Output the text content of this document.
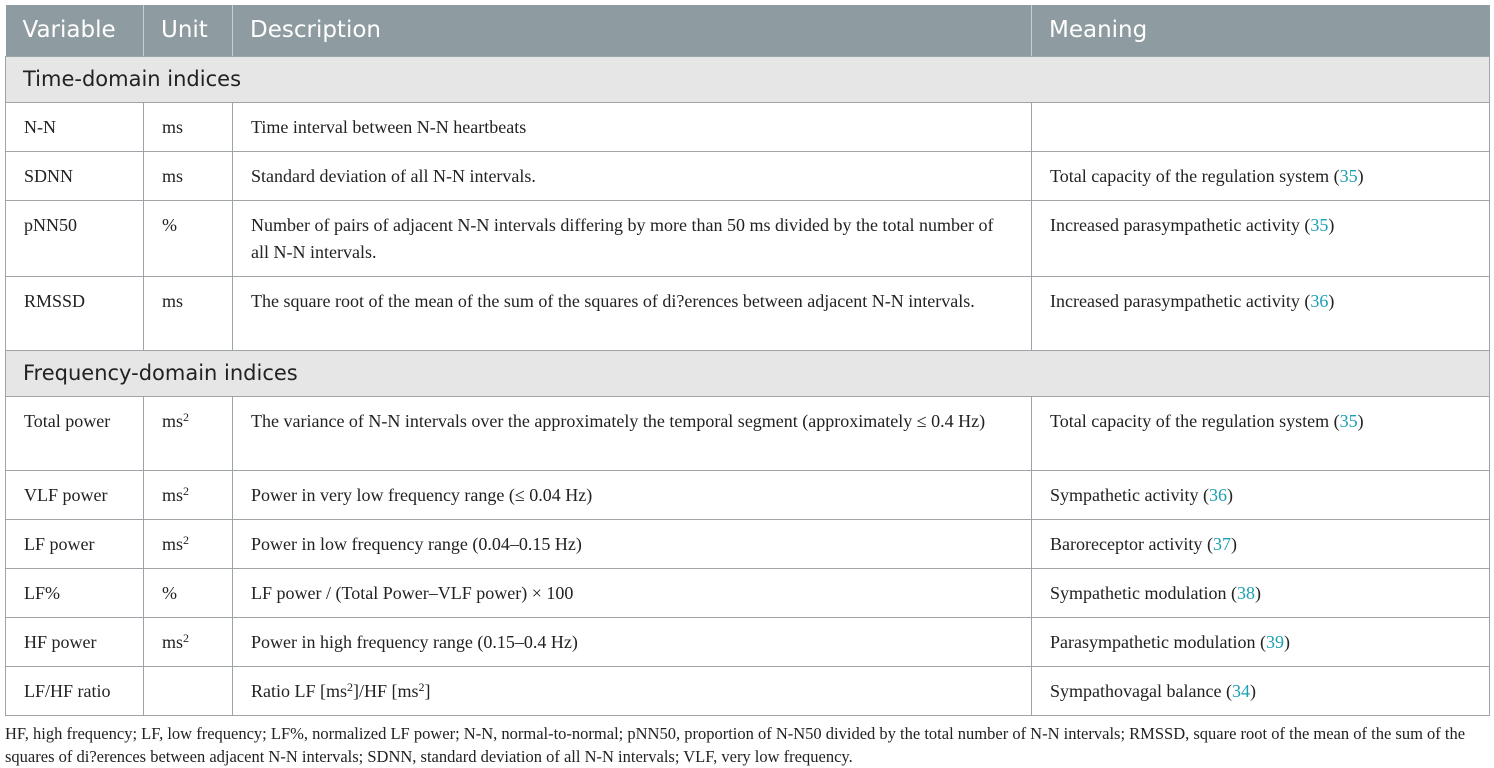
Variable	Unit	Description	Meaning
Time-domain indices			
N-N	ms	Time interval between N-N heartbeats	
SDNN	ms	Standard deviation of all N-N intervals.	Total capacity of the regulation system (35)
pNN50	%	Number of pairs of adjacent N-N intervals differing by more than 50 ms divided by the total number of all N-N intervals.	Increased parasympathetic activity (35)
RMSSD	ms	The square root of the mean of the sum of the squares of di?erences between adjacent N-N intervals.	Increased parasympathetic activity (36)
Frequency-domain indices			
Total power	$ms^2$	The variance of N-N intervals over the approximately the temporal segment (approximately ≤ 0.4 Hz)	Total capacity of the regulation system (35)
VLF power	$ms^2$	Power in very low frequency range (≤ 0.04 Hz)	Sympathetic activity (36)
LF power	$ms^2$	Power in low frequency range (0.04–0.15 Hz)	Baroreceptor activity (37)
LF%	%	LF power / (Total Power–VLF power) × 100	Sympathetic modulation (38)
HF power	$ms^2$	Power in high frequency range (0.15–0.4 Hz)	Parasympathetic modulation (39)
LF/HF ratio		Ratio LF $[ms^2]/HF$ $[ms^2]$	Sympathovagal balance (34)
HF, high frequency; LF, low frequency; LF%, normalized LF power; N-N, normal-to-normal; pNN50, proportion of N-N50 divided by the total number of N-N intervals; RMSSD, square root of the mean of the sum of the squares of di?erences between adjacent N-N intervals; SDNN, standard deviation of all N-N intervals; VLF, very low frequency.
